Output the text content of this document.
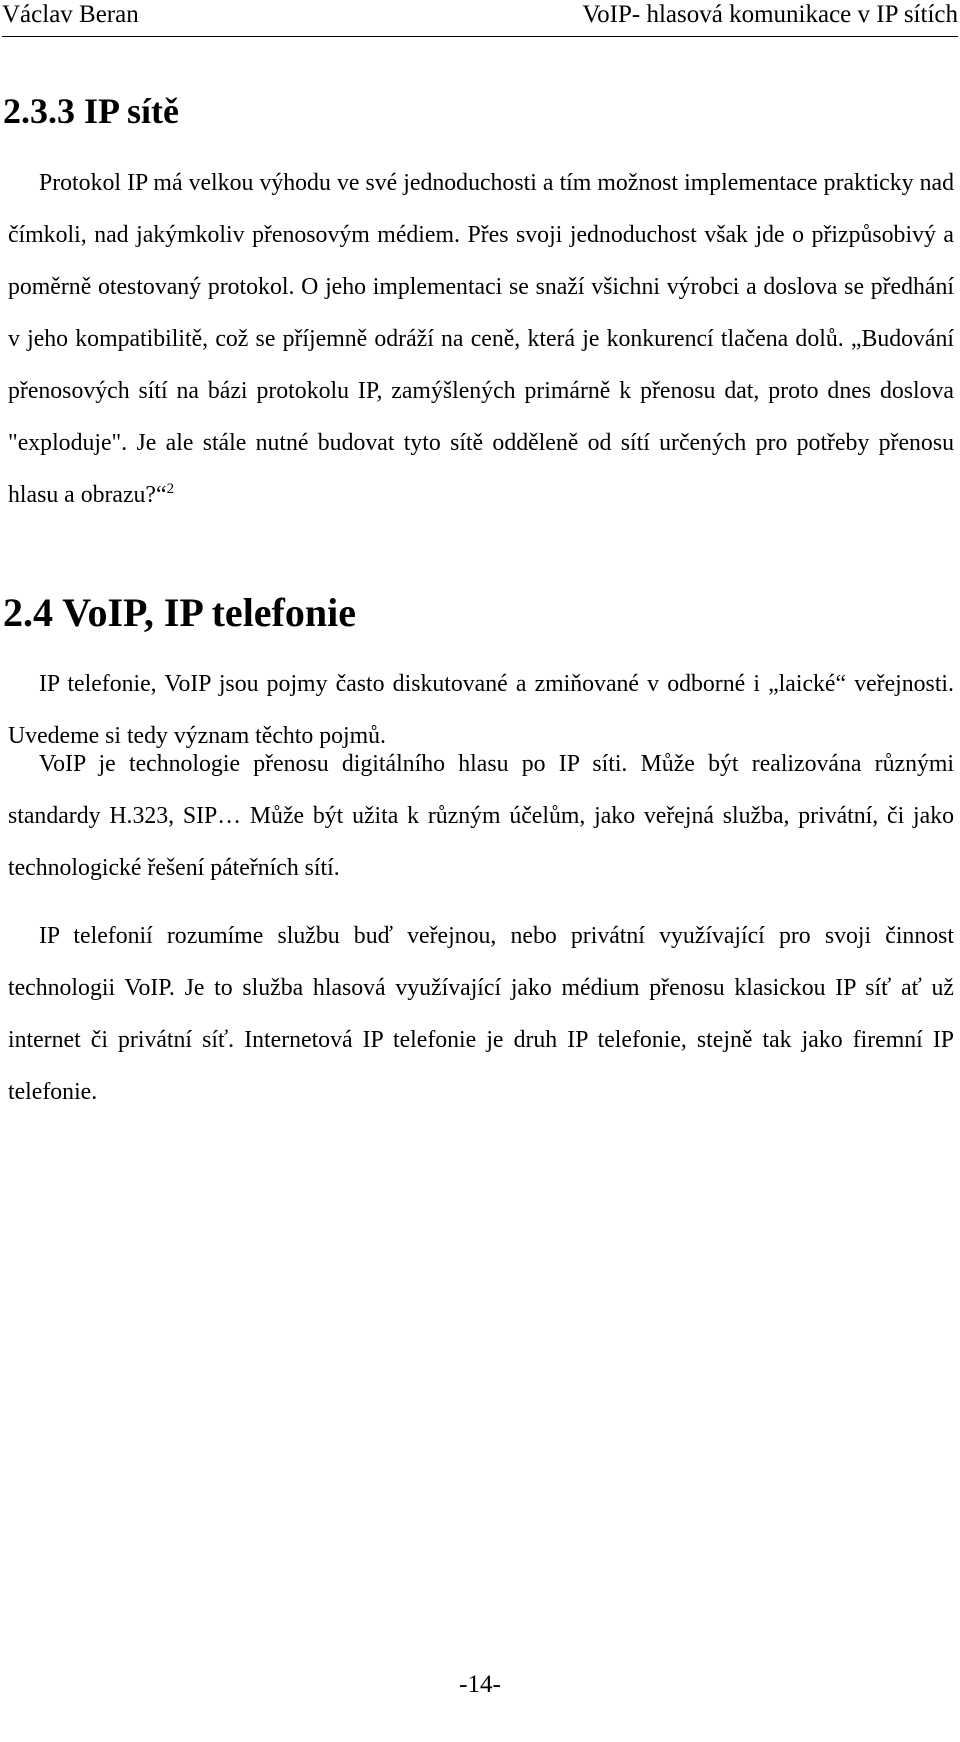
Václav Beran	VoIP- hlasová komunikace v IP sítích
2.3.3 IP sítě

Protokol IP má velkou výhodu ve své jednoduchosti a tím možnost implementace prakticky nad čímkoli, nad jakýmkoliv přenosovým médiem. Přes svoji jednoduchost však jde o přizpůsobivý a poměrně otestovaný protokol. O jeho implementaci se snaží všichni výrobci a doslova se předhání v jeho kompatibilitě, což se příjemně odráží na ceně, která je konkurencí tlačena dolů. „Budování přenosových sítí na bázi protokolu IP, zamýšlených primárně k přenosu dat, proto dnes doslova "exploduje". Je ale stále nutné budovat tyto sítě odděleně od sítí určených pro potřeby přenosu hlasu a obrazu?“$^2$

2.4 VoIP, IP telefonie

IP telefonie, VoIP jsou pojmy často diskutované a zmiňované v odborné i „laické“ veřejnosti. Uvedeme si tedy význam těchto pojmů.

VoIP je technologie přenosu digitálního hlasu po IP síti. Může být realizována různými standardy H.323, SIP… Může být užita k různým účelům, jako veřejná služba, privátní, či jako technologické řešení páteřních sítí.

IP telefonií rozumíme službu buď veřejnou, nebo privátní využívající pro svoji činnost technologii VoIP. Je to služba hlasová využívající jako médium přenosu klasickou IP síť ať už internet či privátní síť. Internetová IP telefonie je druh IP telefonie, stejně tak jako firemní IP telefonie.

-14-
